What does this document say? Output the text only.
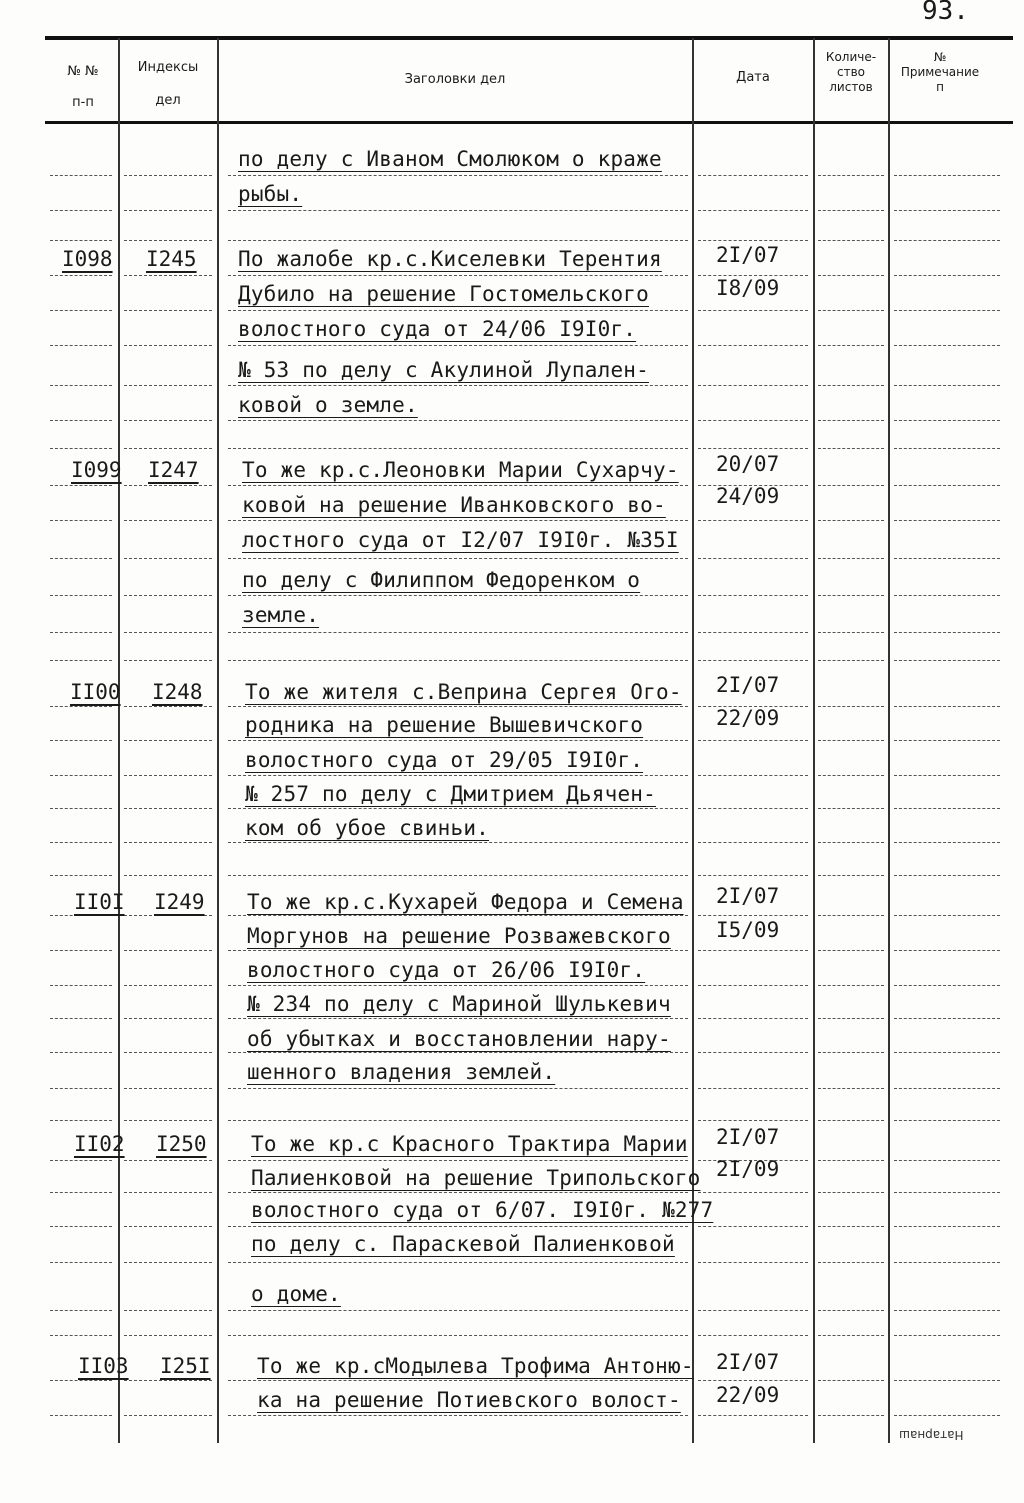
93.
№ №
п-п
Индексы
дел
Заголовки дел	Дата
Количе-
ство
листов
№
Примечание
п
по делу с Иваном Смолюком о краже
рыбы.
I098 I245 По жалобе кр.с.Киселевки Терентия
Дубило на решение Гостомельского
волостного суда от 24/06 I9I0г.
№ 53 по делу с Акулиной Лупален-
ковой о земле.
2I/07
I8/09
I099 I247 То же кр.с.Леоновки Марии Сухарчу-
ковой на решение Иванковского во-
лостного суда от I2/07 I9I0г. №35I
по делу с Филиппом Федоренком о
земле.
20/07
24/09
II00 I248 То же жителя с.Веприна Сергея Ого-
родника на решение Вышевичского
волостного суда от 29/05 I9I0г.
№ 257 по делу с Дмитрием Дьячен-
ком об убое свиньи.
2I/07
22/09
II0I I249 То же кр.с.Кухарей Федора и Семена
Моргунов на решение Розважевского
волостного суда от 26/06 I9I0г.
№ 234 по делу с Мариной Шулькевич
об убытках и восстановлении нару-
шенного владения землей.
2I/07
I5/09
II02 I250 То же кр.с Красного Трактира Марии
Палиенковой на решение Трипольского
волостного суда от 6/07. I9I0г. №277
по делу с. Параскевой Палиенковой
о доме.
2I/07
2I/09
II03 I25I То же кр.сМодылева Трофима Антоню-
ка на решение Потиевского волост-
2I/07
22/09
Натарнаш
